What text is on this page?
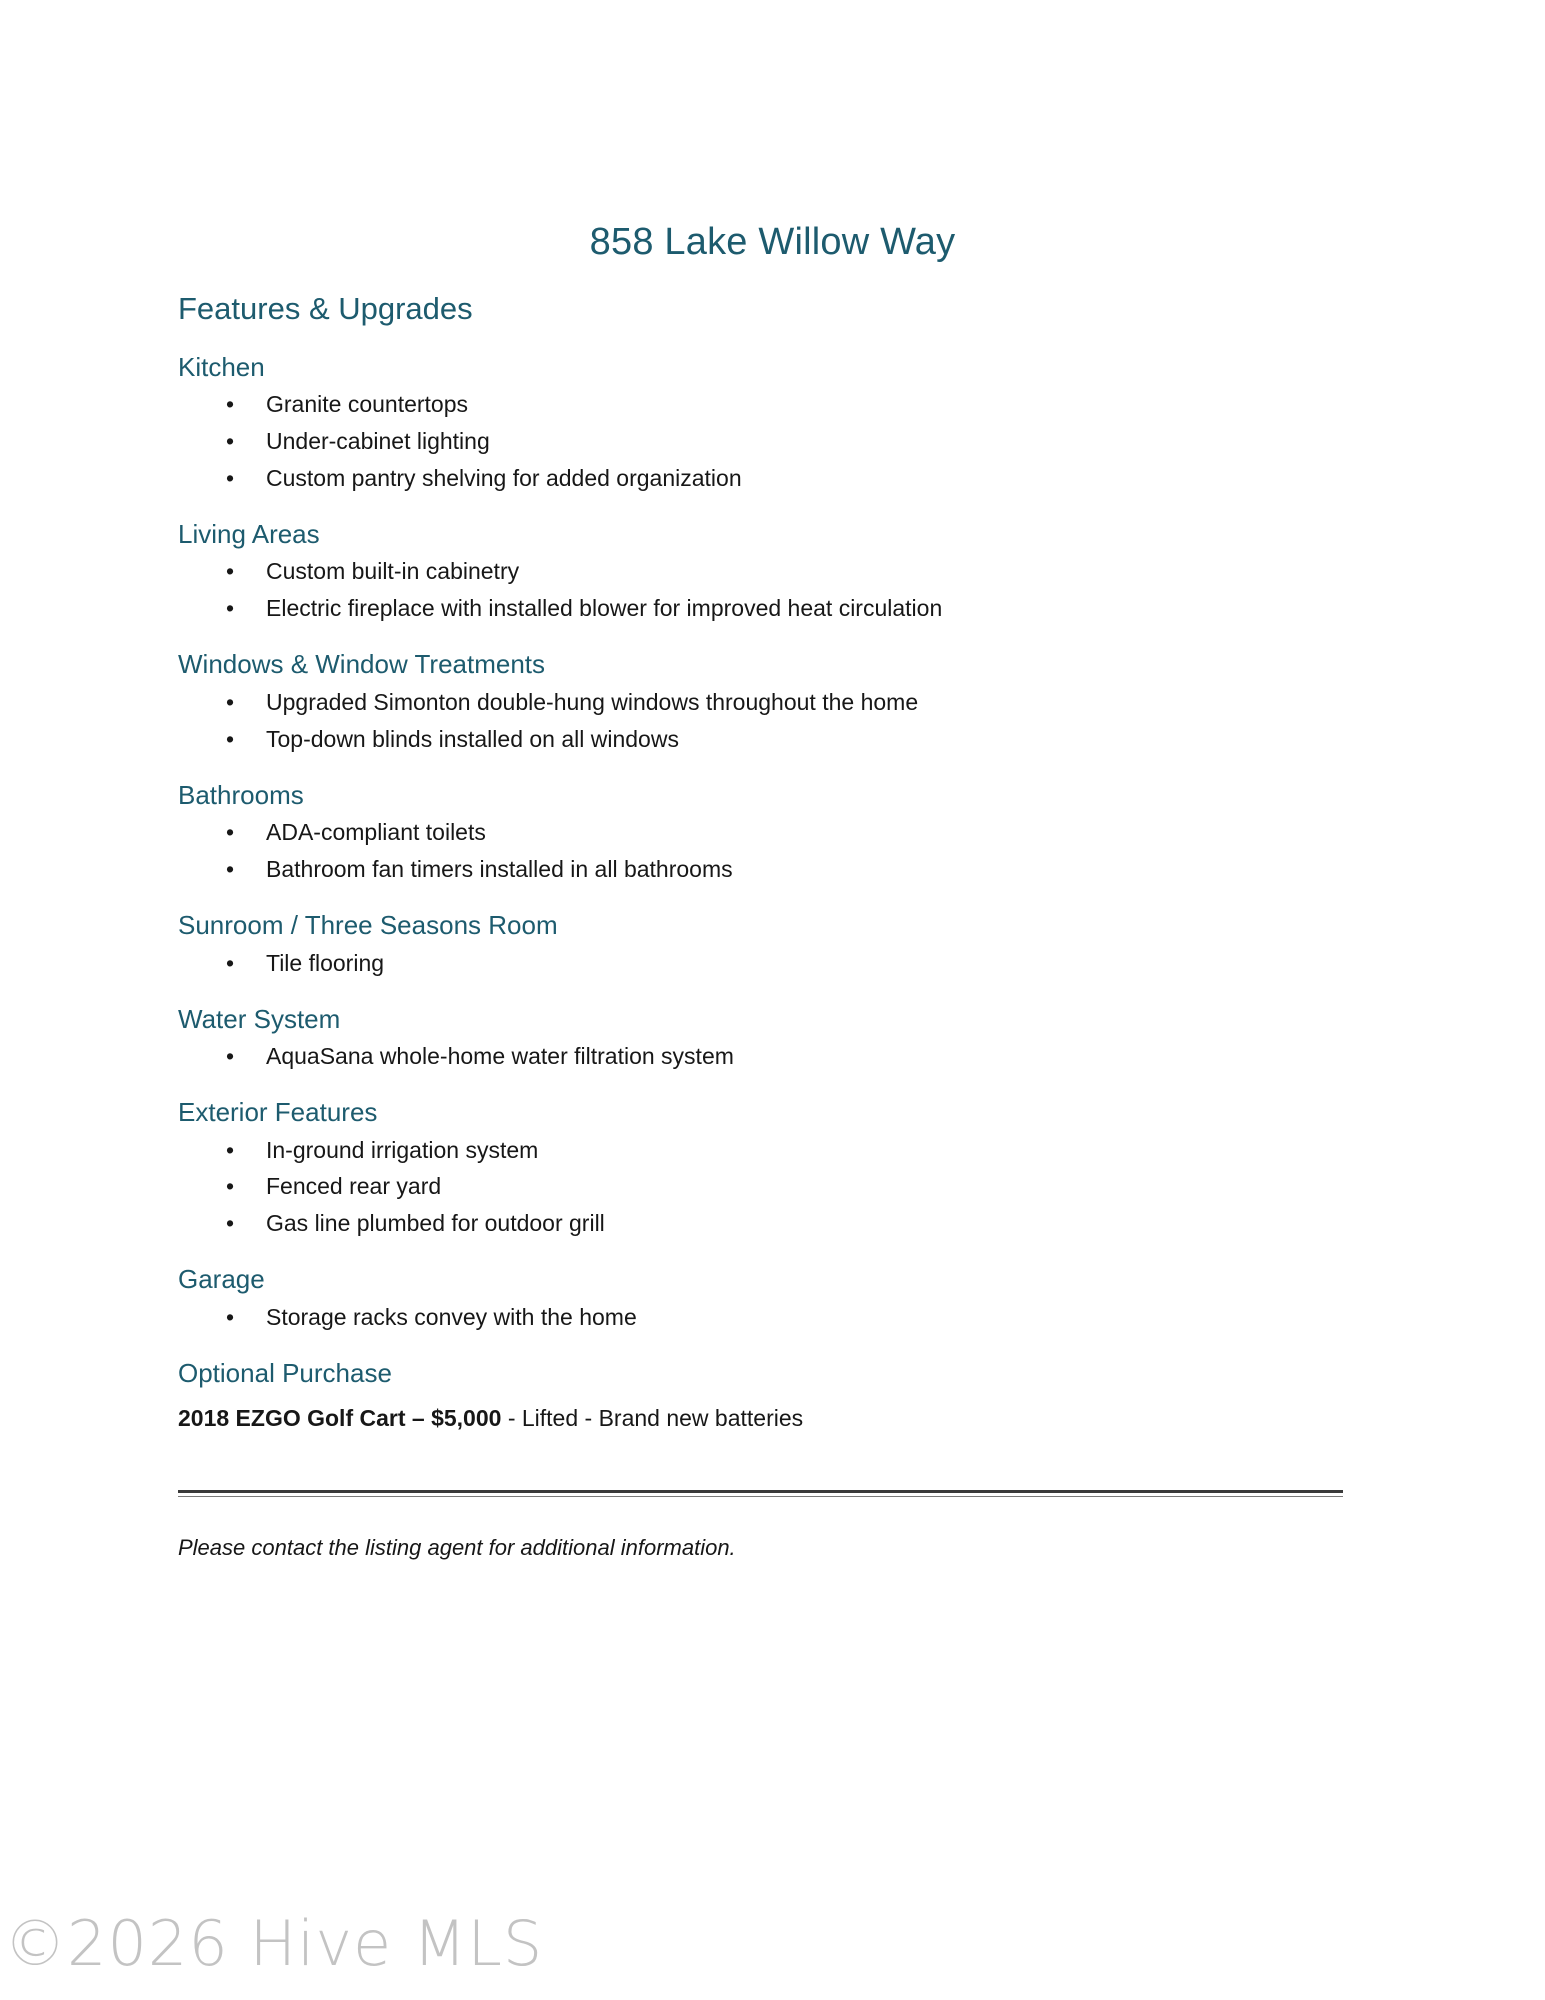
858 Lake Willow Way
Features & Upgrades
Kitchen
• Granite countertops
• Under-cabinet lighting
• Custom pantry shelving for added organization
Living Areas
• Custom built-in cabinetry
• Electric fireplace with installed blower for improved heat circulation
Windows & Window Treatments
• Upgraded Simonton double-hung windows throughout the home
• Top-down blinds installed on all windows
Bathrooms
• ADA-compliant toilets
• Bathroom fan timers installed in all bathrooms
Sunroom / Three Seasons Room
• Tile flooring
Water System
• AquaSana whole-home water filtration system
Exterior Features
• In-ground irrigation system
• Fenced rear yard
• Gas line plumbed for outdoor grill
Garage
• Storage racks convey with the home
Optional Purchase

2018 EZGO Golf Cart – $5,000 - Lifted - Brand new batteries

Please contact the listing agent for additional information.

©2026 Hive MLS
